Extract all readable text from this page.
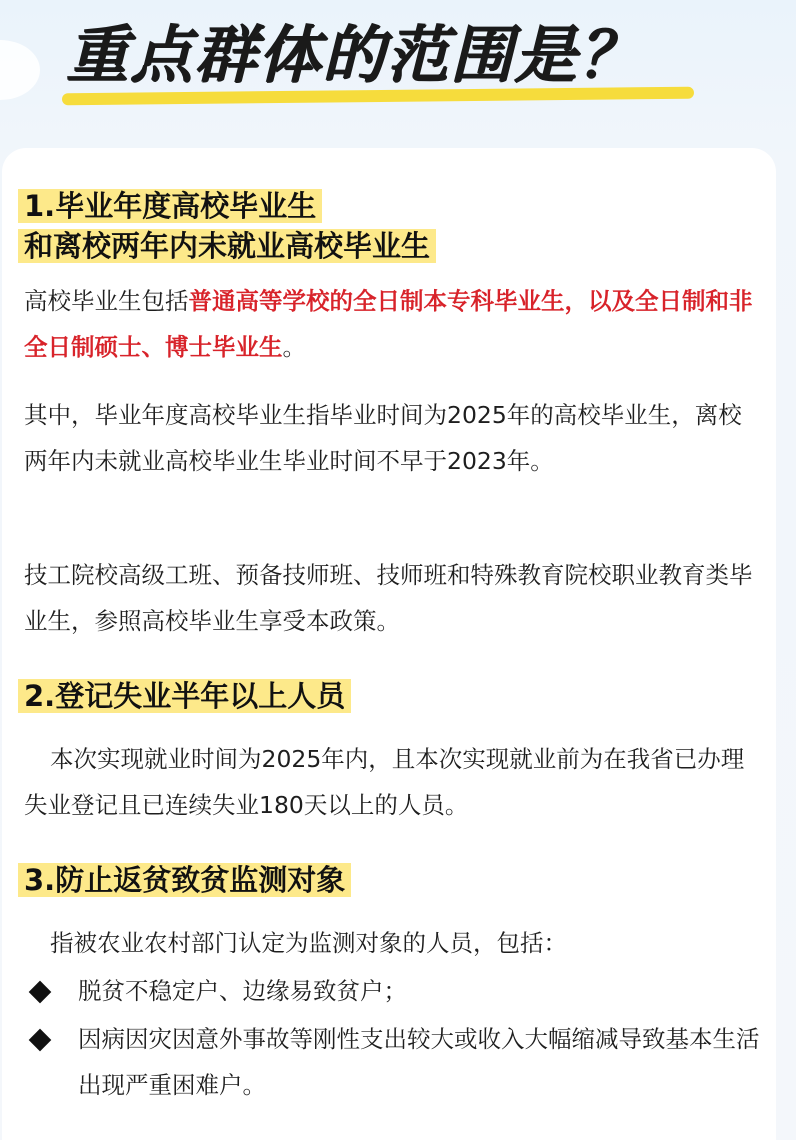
重点群体的范围是？
1.毕业年度高校毕业生
和离校两年内未就业高校毕业生

高校毕业生包括普通高等学校的全日制本专科毕业生，以及全日制和非全日制硕士、博士毕业生。

其中，毕业年度高校毕业生指毕业时间为2025年的高校毕业生，离校两年内未就业高校毕业生毕业时间不早于2023年。

技工院校高级工班、预备技师班、技师班和特殊教育院校职业教育类毕业生，参照高校毕业生享受本政策。

2.登记失业半年以上人员

本次实现就业时间为2025年内，且本次实现就业前为在我省已办理失业登记且已连续失业180天以上的人员。

3.防止返贫致贫监测对象

指被农业农村部门认定为监测对象的人员，包括：

脱贫不稳定户、边缘易致贫户；

因病因灾因意外事故等刚性支出较大或收入大幅缩减导致基本生活出现严重困难户。
